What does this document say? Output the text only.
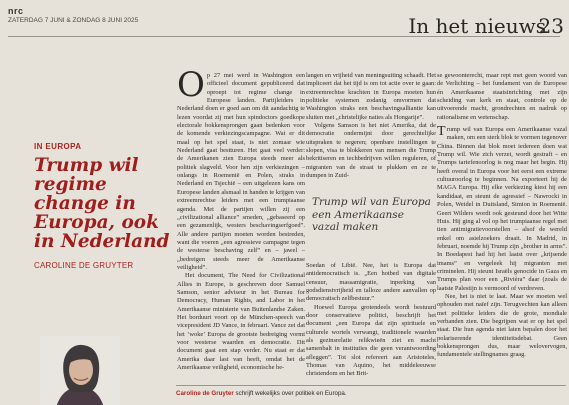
nrc
ZATERDAG 7 JUNI & ZONDAG 8 JUNI 2025	In het nieuws
23
IN EUROPA
Trump wil regime change in Europa, ook in Nederland
CAROLINE DE GRUYTER
O p 27 mei werd in Washington een officieel document gepubliceerd dat oproept tot regime change in Europese landen. Partijleiders in Nederland doen er goed aan om dit aandachtig te lezen voordat zij met hun spindoctors goedkope electorale bokkensprongen gaan bedenken voor de komende verkiezingscampagne. Wat er dit maal op het spel staat, is niet zomaar wie Nederland gaat bestturen. Het gaat veel verder: de Amerikanen zien Europa steeds meer als politiek slagveld. Voor hen zijn verkiezingen – onlangs in Roemenië en Polen, straks in Nederland en Tsjechië – een uitgelezen kans om Europese landen alsmaal in handen te krijgen van extreemrechtse leiders met een trumpiaanse agenda. Met de partijen willen zij een „civilizational alliance” smeden, „gebaseerd op een gezamenlijk, westers beschavingserfgoed”. Alle andere partijen moeten worden bestreden, want die voeren „een agressieve campagne tegen de westerse beschaving zelf” en – jawel – „bedreigen steeds meer de Amerikaanse veiligheid”.

Het document, The Need for Civilizational Allies in Europe, is geschreven door Samuel Samson, senior adviseur in het Bureau for Democracy, Human Rights, and Labor in het Amerikaanse ministerie van Buitenlandse Zaken. Het borduurt voort op de München-speech van vicepresident JD Vance, in februari. Vance zei dat het ‘woke’ Europa de grootste bedreiging vormt voor westerse waarden en democratie. Dit document gaat een stap verder. Nu staat er dat Amerika daar last van heeft, omdat het de Amerikaanse veiligheid, economische be-

langen en vrijheid van meningsuiting schaadt. Het impliceert dat het tijd is om tot actie over te gaan: extreemrechtse krachten in Europa moeten hun politieke systemen zodanig omvormen dat Washington straks een beschavingsalliantie kan sluiten met „christelijke naties als Hongarije”.

Volgens Samson is het niet Amerika, dat de democratie ondermijnt door gerechtelijke uitspraken te negeren; openbare instellingen te slopen, visa te blokkeren van mensen die Trump bekritiseren en techbedrijven willen reguleren, of migranten van de straat te plukken en ze te dumpen in Zuid-

Trump wil van Europa een Amerikaanse vazal maken

Soedan of Libië. Nee, het is Europa dat antidemocratisch is. „Een hotbed van digitale censuur, massamigratie, inperking van godsdienstvrijheid en talloze andere aanvallen op democratisch zelfbestuur.”

Hoewel Europa grotendeels wordt bestuurd door conservatieve politici, beschrijft het document „een Europa dat zijn spirituele en culturele wortels verwangt, traditionele waarden als gezinsrelatie relikwieën ziet en macht samenbalt in instituties die geen verantwoording afleggen”. Tot slot refereert aan Aristoteles, Thomas van Aquino, het middeleeuwse christendom en het Brit-

se gewoonterecht, maar rept met geen woord van de Verlichting – het fundament van de Europese én Amerikaanse staatsinrichting met zijn scheiding van kerk en staat, controle op de uitvoerende macht, grondrechten en nadruk op rationalisme en wetenschap.

Trump wil van Europa een Amerikaanse vazal maken, om een sterk blok te vormen tegenover China. Binnen dat blok moet iedereen doen wat Trump wil. Wie zich verzet, wordt gestraft – en Trumps tariefenoorlog is nog maar het begin. Hij heeft overal in Europa voor het eerst een extreme cultuuroorlog te beginnen. Na exporteert hij de MAGA Europa. Hij elke verkiezing kiest hij een kandidaat, en steunt de agressief – Nawrocki in Polen, Weidel in Duitsland, Simion in Roemenië. Geert Wilders wordt ook gesteund door het Witte Huis. Hij ging al vol op het trumpiaanse regel met tien antimigratievoorstellen – alsof de wereld enkel om asielzoekers draait. In Madrid, in februari, noemde hij Trump zijn „brother in arms”. In Boedapest had hij het laatst over „krijsende imams” en vergeleek hij migranten met criminelen. Hij steunt Israëls genocide in Gaza en Trumps plan voor een „Rivièra” daar (zoals de laatste Palestijn is vermoord of verdreven.

Nee, het is niet te laat. Maar we moeten wel ophouden met naïef zijn. Terugvechten kan alleen met politieke leiders die de grote, mondiale verbanden zien. Die begrijpen wat er op het spel staat. Die hun agenda niet laten bepalen door het polariserende identiteitsdebat. Geen bokkensprongen dus, maar welovervogen, fundamentele stellingnames graag.

Caroline de Gruyter schrijft wekelijks over politiek en Europa.
